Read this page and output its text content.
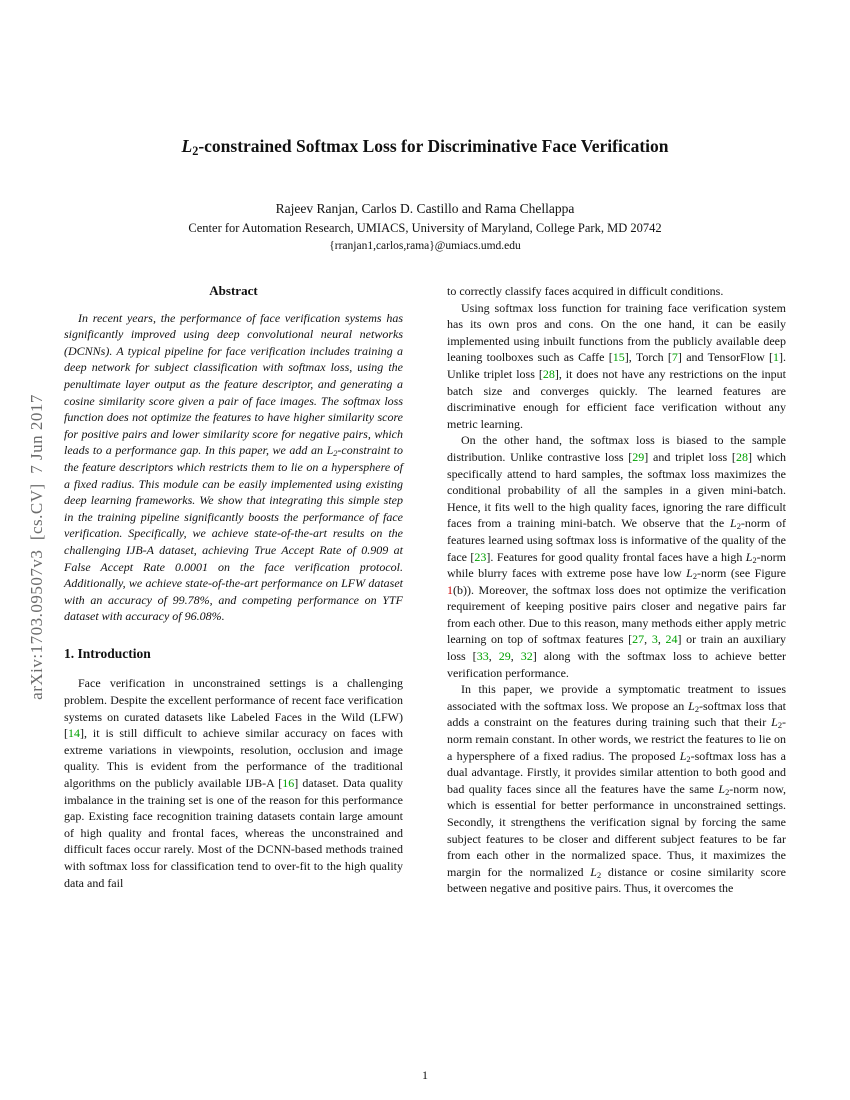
arXiv:1703.09507v3  [cs.CV]  7 Jun 2017
L2-constrained Softmax Loss for Discriminative Face Verification
Rajeev Ranjan, Carlos D. Castillo and Rama Chellappa
Center for Automation Research, UMIACS, University of Maryland, College Park, MD 20742
{rranjan1,carlos,rama}@umiacs.umd.edu
Abstract

In recent years, the performance of face verification systems has significantly improved using deep convolutional neural networks (DCNNs). A typical pipeline for face verification includes training a deep network for subject classification with softmax loss, using the penultimate layer output as the feature descriptor, and generating a cosine similarity score given a pair of face images. The softmax loss function does not optimize the features to have higher similarity score for positive pairs and lower similarity score for negative pairs, which leads to a performance gap. In this paper, we add an L2-constraint to the feature descriptors which restricts them to lie on a hypersphere of a fixed radius. This module can be easily implemented using existing deep learning frameworks. We show that integrating this simple step in the training pipeline significantly boosts the performance of face verification. Specifically, we achieve state-of-the-art results on the challenging IJB-A dataset, achieving True Accept Rate of 0.909 at False Accept Rate 0.0001 on the face verification protocol. Additionally, we achieve state-of-the-art performance on LFW dataset with an accuracy of 99.78%, and competing performance on YTF dataset with accuracy of 96.08%.

1. Introduction

Face verification in unconstrained settings is a challenging problem. Despite the excellent performance of recent face verification systems on curated datasets like Labeled Faces in the Wild (LFW) [14], it is still difficult to achieve similar accuracy on faces with extreme variations in viewpoints, resolution, occlusion and image quality. This is evident from the performance of the traditional algorithms on the publicly available IJB-A [16] dataset. Data quality imbalance in the training set is one of the reason for this performance gap. Existing face recognition training datasets contain large amount of high quality and frontal faces, whereas the unconstrained and difficult faces occur rarely. Most of the DCNN-based methods trained with softmax loss for classification tend to over-fit to the high quality data and fail

to correctly classify faces acquired in difficult conditions.

Using softmax loss function for training face verification system has its own pros and cons. On the one hand, it can be easily implemented using inbuilt functions from the publicly available deep leaning toolboxes such as Caffe [15], Torch [7] and TensorFlow [1]. Unlike triplet loss [28], it does not have any restrictions on the input batch size and converges quickly. The learned features are discriminative enough for efficient face verification without any metric learning.

On the other hand, the softmax loss is biased to the sample distribution. Unlike contrastive loss [29] and triplet loss [28] which specifically attend to hard samples, the softmax loss maximizes the conditional probability of all the samples in a given mini-batch. Hence, it fits well to the high quality faces, ignoring the rare difficult faces from a training mini-batch. We observe that the L2-norm of features learned using softmax loss is informative of the quality of the face [23]. Features for good quality frontal faces have a high L2-norm while blurry faces with extreme pose have low L2-norm (see Figure 1(b)). Moreover, the softmax loss does not optimize the verification requirement of keeping positive pairs closer and negative pairs far from each other. Due to this reason, many methods either apply metric learning on top of softmax features [27, 3, 24] or train an auxiliary loss [33, 29, 32] along with the softmax loss to achieve better verification performance.

In this paper, we provide a symptomatic treatment to issues associated with the softmax loss. We propose an L2-softmax loss that adds a constraint on the features during training such that their L2-norm remain constant. In other words, we restrict the features to lie on a hypersphere of a fixed radius. The proposed L2-softmax loss has a dual advantage. Firstly, it provides similar attention to both good and bad quality faces since all the features have the same L2-norm now, which is essential for better performance in unconstrained settings. Secondly, it strengthens the verification signal by forcing the same subject features to be closer and different subject features to be far from each other in the normalized space. Thus, it maximizes the margin for the normalized L2 distance or cosine similarity score between negative and positive pairs. Thus, it overcomes the

1
